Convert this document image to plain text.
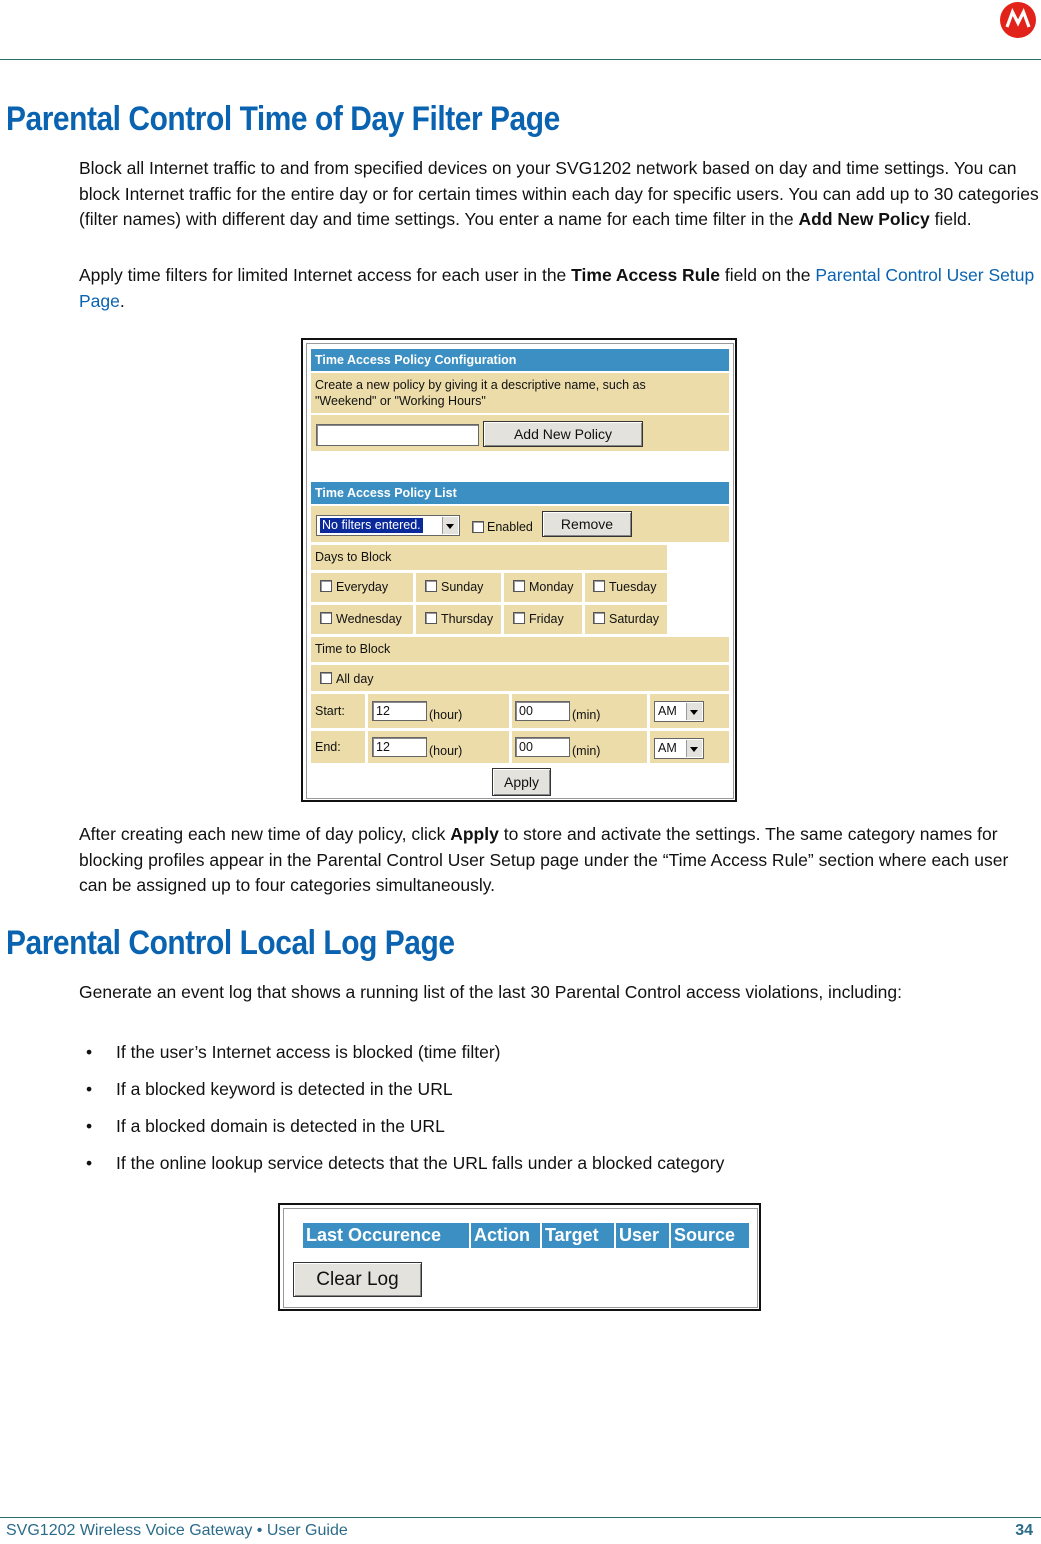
Parental Control Time of Day Filter Page

Block all Internet traffic to and from specified devices on your SVG1202 network based on day and time settings. You can block Internet traffic for the entire day or for certain times within each day for specific users. You can add up to 30 categories (filter names) with different day and time settings. You enter a name for each time filter in the Add New Policy field.

Apply time filters for limited Internet access for each user in the Time Access Rule field on the Parental Control User Setup Page.

Time Access Policy Configuration
Create a new policy by giving it a descriptive name, such as
"Weekend" or "Working Hours"
Add New Policy
Time Access Policy List
No filters entered.	Enabled	Remove
Days to Block
Everyday	Sunday	Monday	Tuesday
Wednesday	Thursday	Friday	Saturday
Time to Block
All day
Start:	12	(hour)	00	(min)	AM
End:	12	(hour)	00	(min)	AM
Apply

After creating each new time of day policy, click Apply to store and activate the settings. The same category names for blocking profiles appear in the Parental Control User Setup page under the “Time Access Rule” section where each user can be assigned up to four categories simultaneously.

Parental Control Local Log Page

Generate an event log that shows a running list of the last 30 Parental Control access violations, including:

• If the user’s Internet access is blocked (time filter)
• If a blocked keyword is detected in the URL
• If a blocked domain is detected in the URL
• If the online lookup service detects that the URL falls under a blocked category
Last Occurence	Action Target	User Source
Clear Log
SVG1202 Wireless Voice Gateway • User Guide	34
